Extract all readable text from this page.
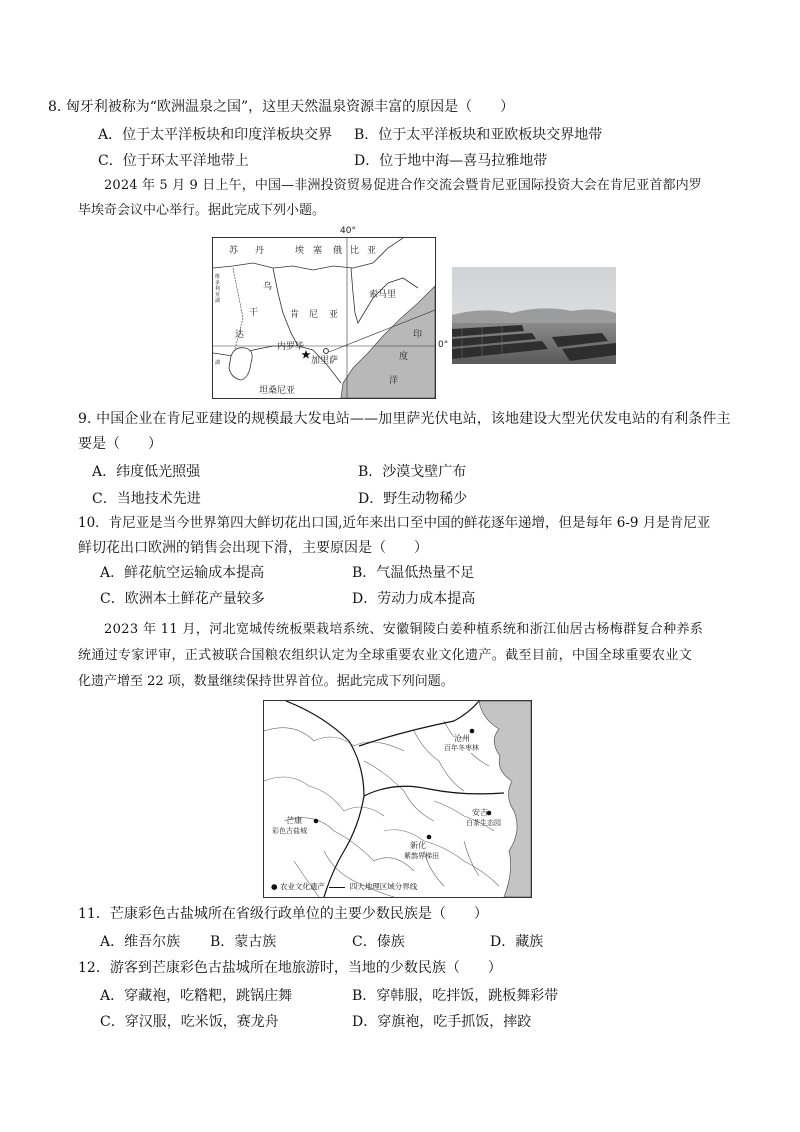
8. 匈牙利被称为“欧洲温泉之国”，这里天然温泉资源丰富的原因是（　　）
A．位于太平洋板块和印度洋板块交界 B．位于太平洋板块和亚欧板块交界地带
C．位于环太平洋地带上	D．位于地中海—喜马拉雅地带
2024 年 5 月 9 日上午，中国—非洲投资贸易促进合作交流会暨肯尼亚国际投资大会在肯尼亚首都内罗
毕埃奇会议中心举行。据此完成下列小题。
苏 丹	埃 塞 俄 比 亚
索马里
乌
干
达
肯 尼 亚
内罗毕
加里萨
坦桑尼亚
印
度
洋
维多利亚湖
湖
40°
0°
9. 中国企业在肯尼亚建设的规模最大发电站——加里萨光伏电站，该地建设大型光伏发电站的有利条件主
要是（　　）
A．纬度低光照强	B．沙漠戈壁广布
C．当地技术先进	D．野生动物稀少
10．肯尼亚是当今世界第四大鲜切花出口国,近年来出口至中国的鲜花逐年递增，但是每年 6-9 月是肯尼亚
鲜切花出口欧洲的销售会出现下滑，主要原因是（　　）
A．鲜花航空运输成本提高	B．气温低热量不足
C．欧洲本土鲜花产量较多	D．劳动力成本提高
2023 年 11 月，河北宽城传统板栗栽培系统、安徽铜陵白姜种植系统和浙江仙居古杨梅群复合种养系
统通过专家评审，正式被联合国粮农组织认定为全球重要农业文化遗产。截至目前，中国全球重要农业文
化遗产增至 22 项，数量继续保持世界首位。据此完成下列问题。
沧州
百年冬枣林
芒康
彩色古盐城
安吉
白茶生态园
新化
紫鹊界梯田
● 农业文化遗产	四大地理区域分界线
11．芒康彩色古盐城所在省级行政单位的主要少数民族是（　　）
A．维吾尔族 B．蒙古族	C．傣族	D．藏族
12．游客到芒康彩色古盐城所在地旅游时，当地的少数民族（　　）
A．穿藏袍，吃糌粑，跳锅庄舞	B．穿韩服，吃拌饭，跳板舞彩带
C．穿汉服，吃米饭，赛龙舟	D．穿旗袍，吃手抓饭，摔跤
